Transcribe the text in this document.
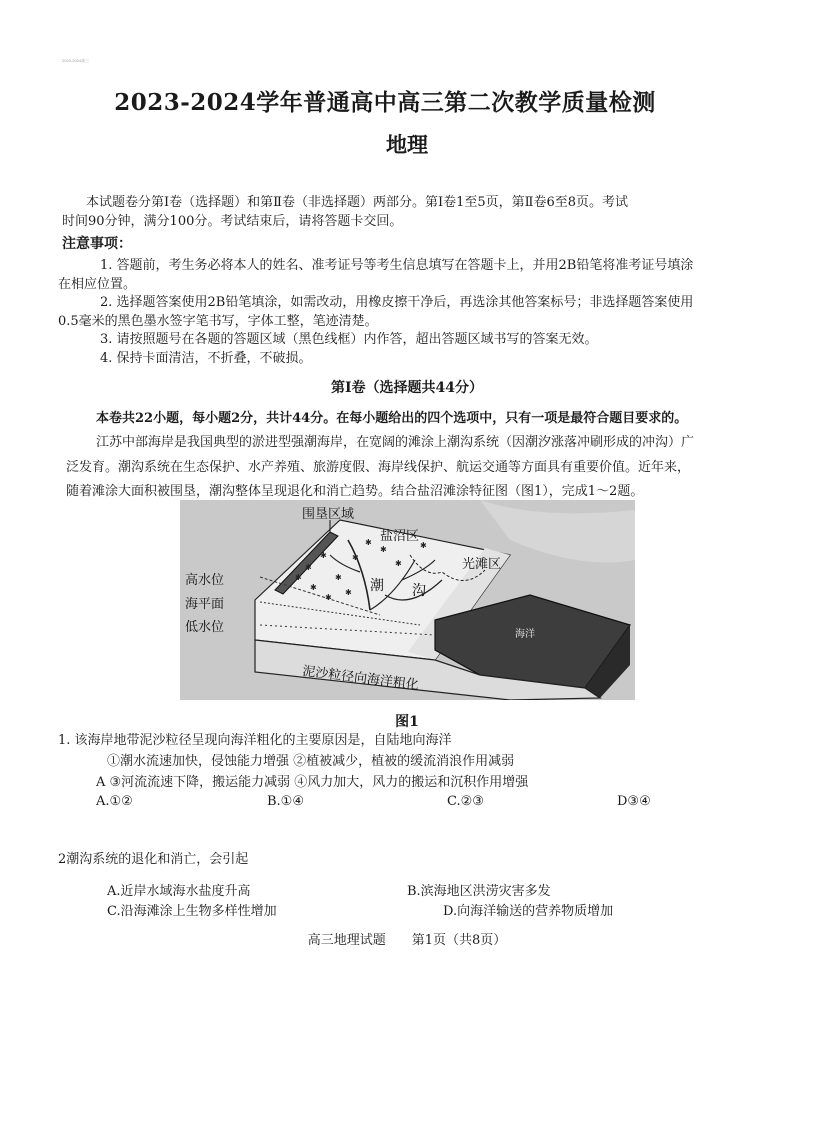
2023-2024高三
2023-2024学年普通高中高三第二次教学质量检测
地理
本试题卷分第Ⅰ卷（选择题）和第Ⅱ卷（非选择题）两部分。第Ⅰ卷1至5页，第Ⅱ卷6至8页。考试
时间90分钟，满分100分。考试结束后，请将答题卡交回。
注意事项：
1. 答题前，考生务必将本人的姓名、准考证号等考生信息填写在答题卡上，并用2B铅笔将准考证号填涂
在相应位置。
2. 选择题答案使用2B铅笔填涂，如需改动，用橡皮擦干净后，再选涂其他答案标号；非选择题答案使用
0.5毫米的黑色墨水签字笔书写，字体工整，笔迹清楚。
3. 请按照题号在各题的答题区域（黑色线框）内作答，超出答题区域书写的答案无效。
4. 保持卡面清洁，不折叠，不破损。
第Ⅰ卷（选择题共44分）
本卷共22小题，每小题2分，共计44分。在每小题给出的四个选项中，只有一项是最符合题目要求的。
江苏中部海岸是我国典型的淤进型强潮海岸，在宽阔的滩涂上潮沟系统（因潮汐涨落冲刷形成的冲沟）广
泛发育。潮沟系统在生态保护、水产养殖、旅游度假、海岸线保护、航运交通等方面具有重要价值。近年来，
随着滩涂大面积被围垦，潮沟整体呈现退化和消亡趋势。结合盐沼滩涂特征图（图1），完成1～2题。
✱
✱
✱
✱
✱
✱
✱
✱
✱
✱
✱	✱
围垦区域
盐沼区
光滩区
高水位
海平面
低水位
潮 沟
海洋
泥沙粒径向海洋粗化
图1
1. 该海岸地带泥沙粒径呈现向海洋粗化的主要原因是，自陆地向海洋
①潮水流速加快，侵蚀能力增强 ②植被减少，植被的缓流消浪作用减弱
A ③河流流速下降，搬运能力减弱 ④风力加大，风力的搬运和沉积作用增强
A.①②	B.①④	C.②③	D③④
2潮沟系统的退化和消亡，会引起
A.近岸水域海水盐度升高	B.滨海地区洪涝灾害多发
C.沿海滩涂上生物多样性增加	D.向海洋输送的营养物质增加
高三地理试题 第1页（共8页）
